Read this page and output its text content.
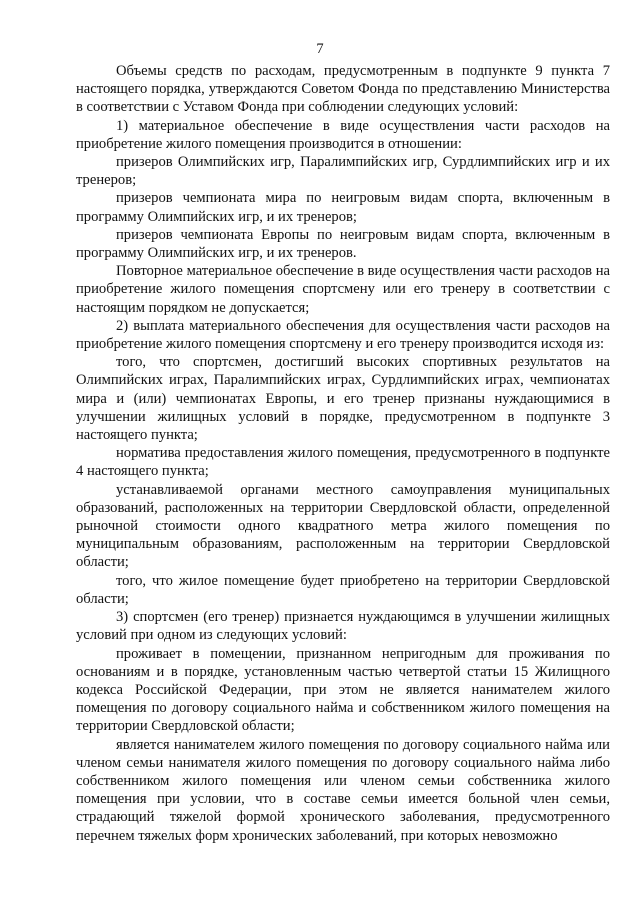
7

Объемы средств по расходам, предусмотренным в подпункте 9 пункта 7 настоящего порядка, утверждаются Советом Фонда по представлению Министерства в соответствии с Уставом Фонда при соблюдении следующих условий:

1) материальное обеспечение в виде осуществления части расходов на приобретение жилого помещения производится в отношении:

призеров Олимпийских игр, Паралимпийских игр, Сурдлимпийских игр и их тренеров;

призеров чемпионата мира по неигровым видам спорта, включенным в программу Олимпийских игр, и их тренеров;

призеров чемпионата Европы по неигровым видам спорта, включенным в программу Олимпийских игр, и их тренеров.

Повторное материальное обеспечение в виде осуществления части расходов на приобретение жилого помещения спортсмену или его тренеру в соответствии с настоящим порядком не допускается;

2) выплата материального обеспечения для осуществления части расходов на приобретение жилого помещения спортсмену и его тренеру производится исходя из:

того, что спортсмен, достигший высоких спортивных результатов на Олимпийских играх, Паралимпийских играх, Сурдлимпийских играх, чемпионатах мира и (или) чемпионатах Европы, и его тренер признаны нуждающимися в улучшении жилищных условий в порядке, предусмотренном в подпункте 3 настоящего пункта;

норматива предоставления жилого помещения, предусмотренного в подпункте 4 настоящего пункта;

устанавливаемой органами местного самоуправления муниципальных образований, расположенных на территории Свердловской области, определенной рыночной стоимости одного квадратного метра жилого помещения по муниципальным образованиям, расположенным на территории Свердловской области;

того, что жилое помещение будет приобретено на территории Свердловской области;

3) спортсмен (его тренер) признается нуждающимся в улучшении жилищных условий при одном из следующих условий:

проживает в помещении, признанном непригодным для проживания по основаниям и в порядке, установленным частью четвертой статьи 15 Жилищного кодекса Российской Федерации, при этом не является нанимателем жилого помещения по договору социального найма и собственником жилого помещения на территории Свердловской области;

является нанимателем жилого помещения по договору социального найма или членом семьи нанимателя жилого помещения по договору социального найма либо собственником жилого помещения или членом семьи собственника жилого помещения при условии, что в составе семьи имеется больной член семьи, страдающий тяжелой формой хронического заболевания, предусмотренного перечнем тяжелых форм хронических заболеваний, при которых невозможно
